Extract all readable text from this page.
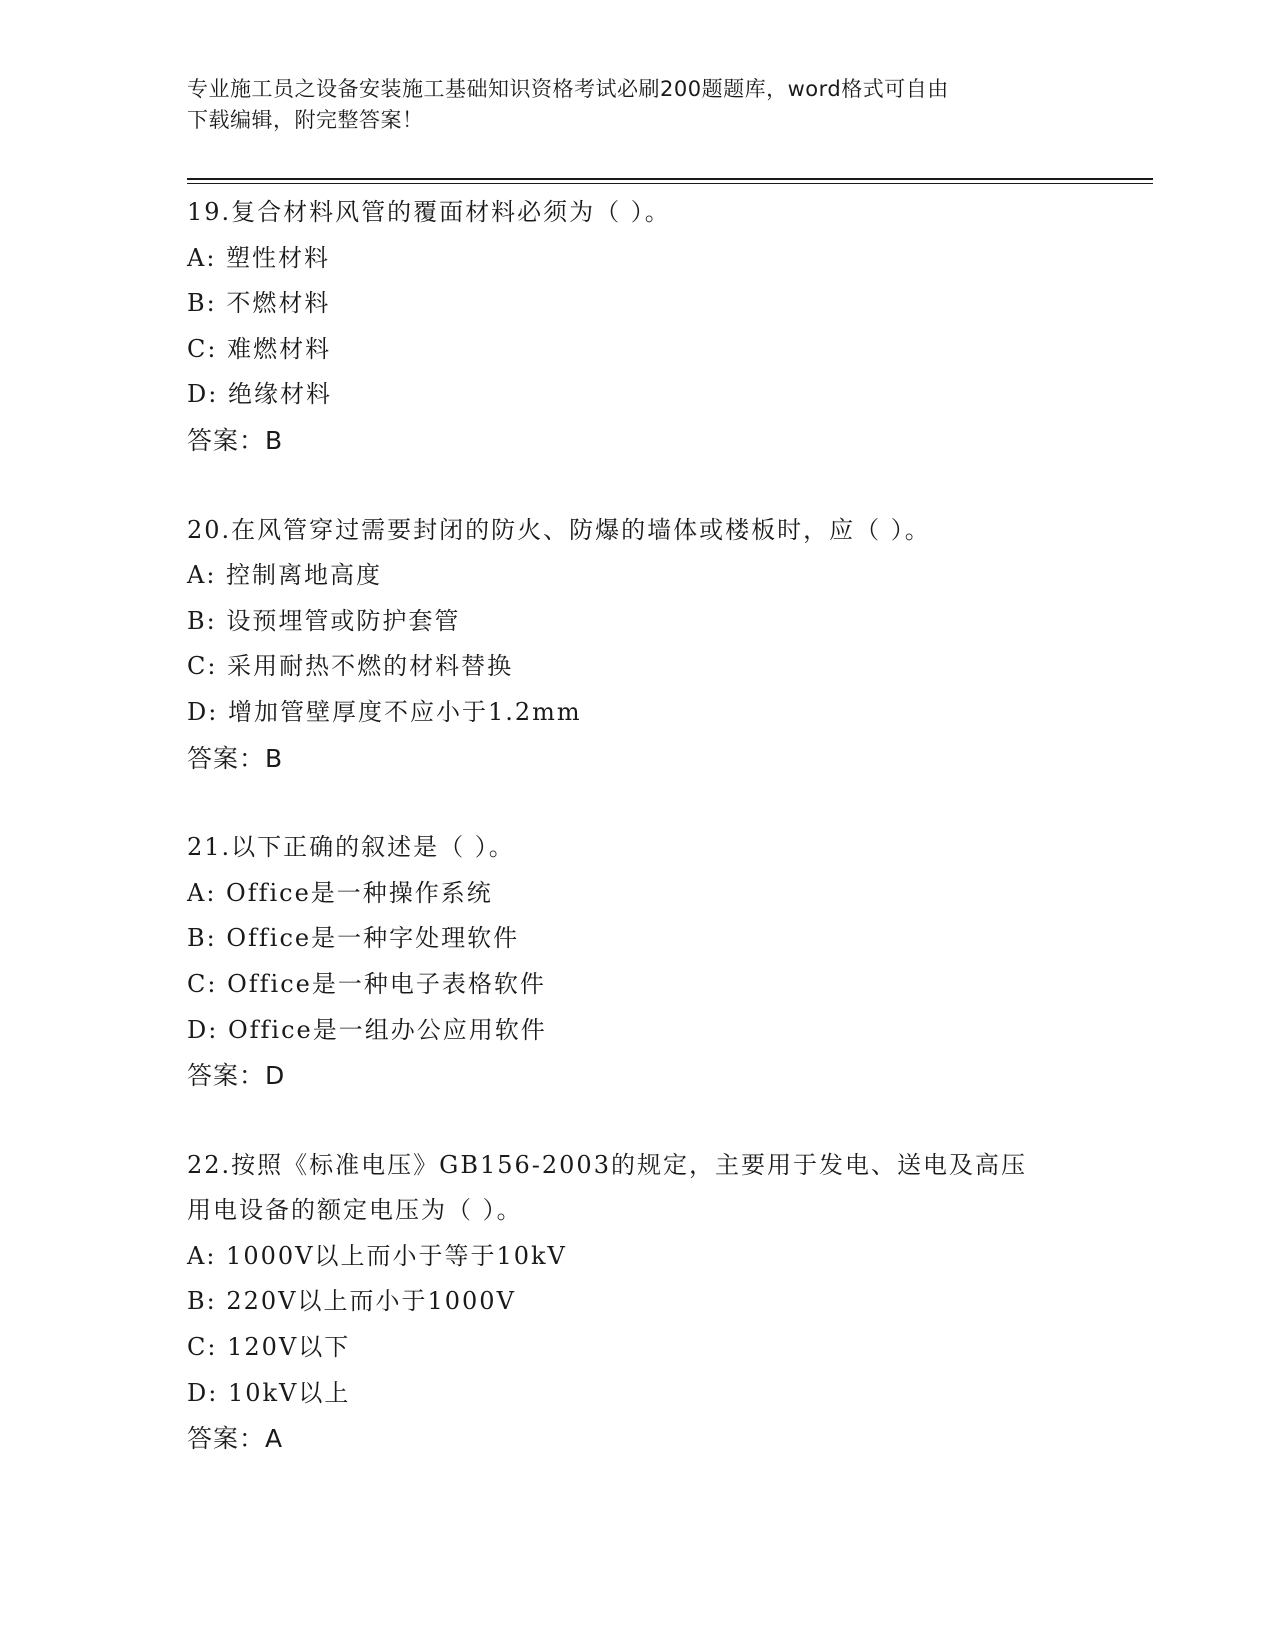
专业施工员之设备安装施工基础知识资格考试必刷200题题库，word格式可自由
下载编辑，附完整答案！
19.复合材料风管的覆面材料必须为（ ）。
A: 塑性材料
B: 不燃材料
C: 难燃材料
D: 绝缘材料
答案：B
20.在风管穿过需要封闭的防火、防爆的墙体或楼板时，应（ ）。
A: 控制离地高度
B: 设预埋管或防护套管
C: 采用耐热不燃的材料替换
D: 增加管壁厚度不应小于1.2mm
答案：B
21.以下正确的叙述是（ ）。
A: Office是一种操作系统
B: Office是一种字处理软件
C: Office是一种电子表格软件
D: Office是一组办公应用软件
答案：D
22.按照《标准电压》GB156-2003的规定，主要用于发电、送电及高压
用电设备的额定电压为（ ）。
A: 1000V以上而小于等于10kV
B: 220V以上而小于1000V
C: 120V以下
D: 10kV以上
答案：A
